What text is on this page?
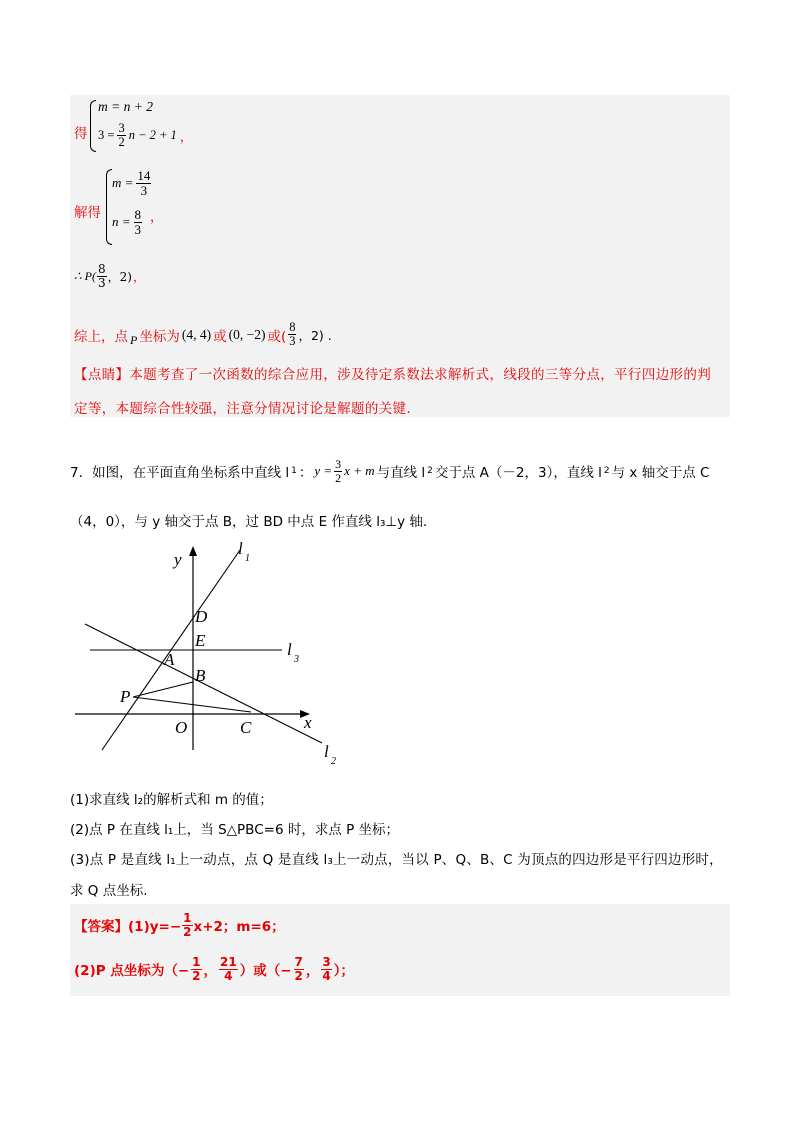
得
m = n + 2
$3 = \frac{3}{2}$ n − 2 + 1 ，
解得
$m = \frac{14}{3}$
$n = \frac{8}{3}$ ，
∴ $P( \frac{8}{3}$ ，2) ，
综上，点 P 坐标为 (4, 4) 或 (0, −2) 或( $\frac{8}{3}$ ，2) .
【点睛】本题考查了一次函数的综合应用，涉及待定系数法求解析式，线段的三等分点，平行四边形的判
定等，本题综合性较强，注意分情况讨论是解题的关键.
7．如图，在平面直角坐标系中直线 l 1 ： $y = \frac{3}{2}$ x + m 与直线 l 2 交于点 A（－2，3），直线 l 2 与 x 轴交于点 C
（4，0），与 y 轴交于点 B，过 BD 中点 E 作直线 l₃⊥y 轴.
y
x
O
l
1
l
2
l
3
D
E
A
B
P
C
(1)求直线 l₂的解析式和 m 的值；
(2)点 P 在直线 l₁上，当 S△PBC=6 时，求点 P 坐标；
(3)点 P 是直线 l₁上一动点，点 Q 是直线 l₃上一动点，当以 P、Q、B、C 为顶点的四边形是平行四边形时，
求 Q 点坐标.
【答案】$(1)y=- \frac{1}{2} x+2$；m=6；
(2)P 点坐标为（− $\frac{1}{2}$ ， $\frac{21}{4}$ ）或（− $\frac{7}{2}$ ， $\frac{3}{4}$ ）；
